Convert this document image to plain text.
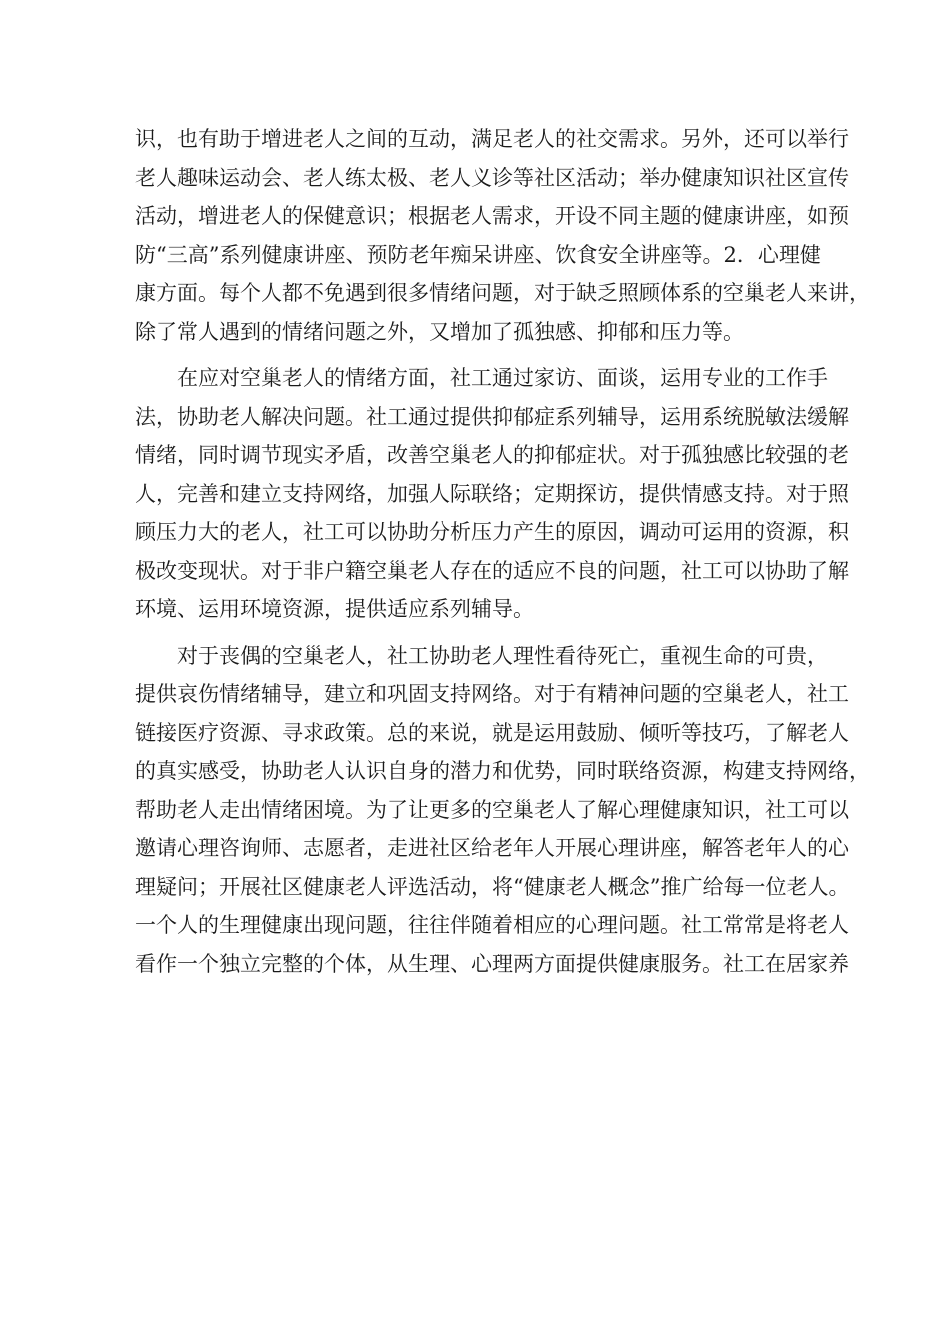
识，也有助于增进老人之间的互动，满足老人的社交需求。另外，还可以举行
老人趣味运动会、老人练太极、老人义诊等社区活动；举办健康知识社区宣传
活动，增进老人的保健意识；根据老人需求，开设不同主题的健康讲座，如预
防“三高”系列健康讲座、预防老年痴呆讲座、饮食安全讲座等。2．心理健
康方面。每个人都不免遇到很多情绪问题，对于缺乏照顾体系的空巢老人来讲，
除了常人遇到的情绪问题之外，又增加了孤独感、抑郁和压力等。
　　在应对空巢老人的情绪方面，社工通过家访、面谈，运用专业的工作手
法，协助老人解决问题。社工通过提供抑郁症系列辅导，运用系统脱敏法缓解
情绪，同时调节现实矛盾，改善空巢老人的抑郁症状。对于孤独感比较强的老
人，完善和建立支持网络，加强人际联络；定期探访，提供情感支持。对于照
顾压力大的老人，社工可以协助分析压力产生的原因，调动可运用的资源，积
极改变现状。对于非户籍空巢老人存在的适应不良的问题，社工可以协助了解
环境、运用环境资源，提供适应系列辅导。
　　对于丧偶的空巢老人，社工协助老人理性看待死亡，重视生命的可贵，
提供哀伤情绪辅导，建立和巩固支持网络。对于有精神问题的空巢老人，社工
链接医疗资源、寻求政策。总的来说，就是运用鼓励、倾听等技巧，了解老人
的真实感受，协助老人认识自身的潜力和优势，同时联络资源，构建支持网络，
帮助老人走出情绪困境。为了让更多的空巢老人了解心理健康知识，社工可以
邀请心理咨询师、志愿者，走进社区给老年人开展心理讲座，解答老年人的心
理疑问；开展社区健康老人评选活动，将“健康老人概念”推广给每一位老人。
一个人的生理健康出现问题，往往伴随着相应的心理问题。社工常常是将老人
看作一个独立完整的个体，从生理、心理两方面提供健康服务。社工在居家养
